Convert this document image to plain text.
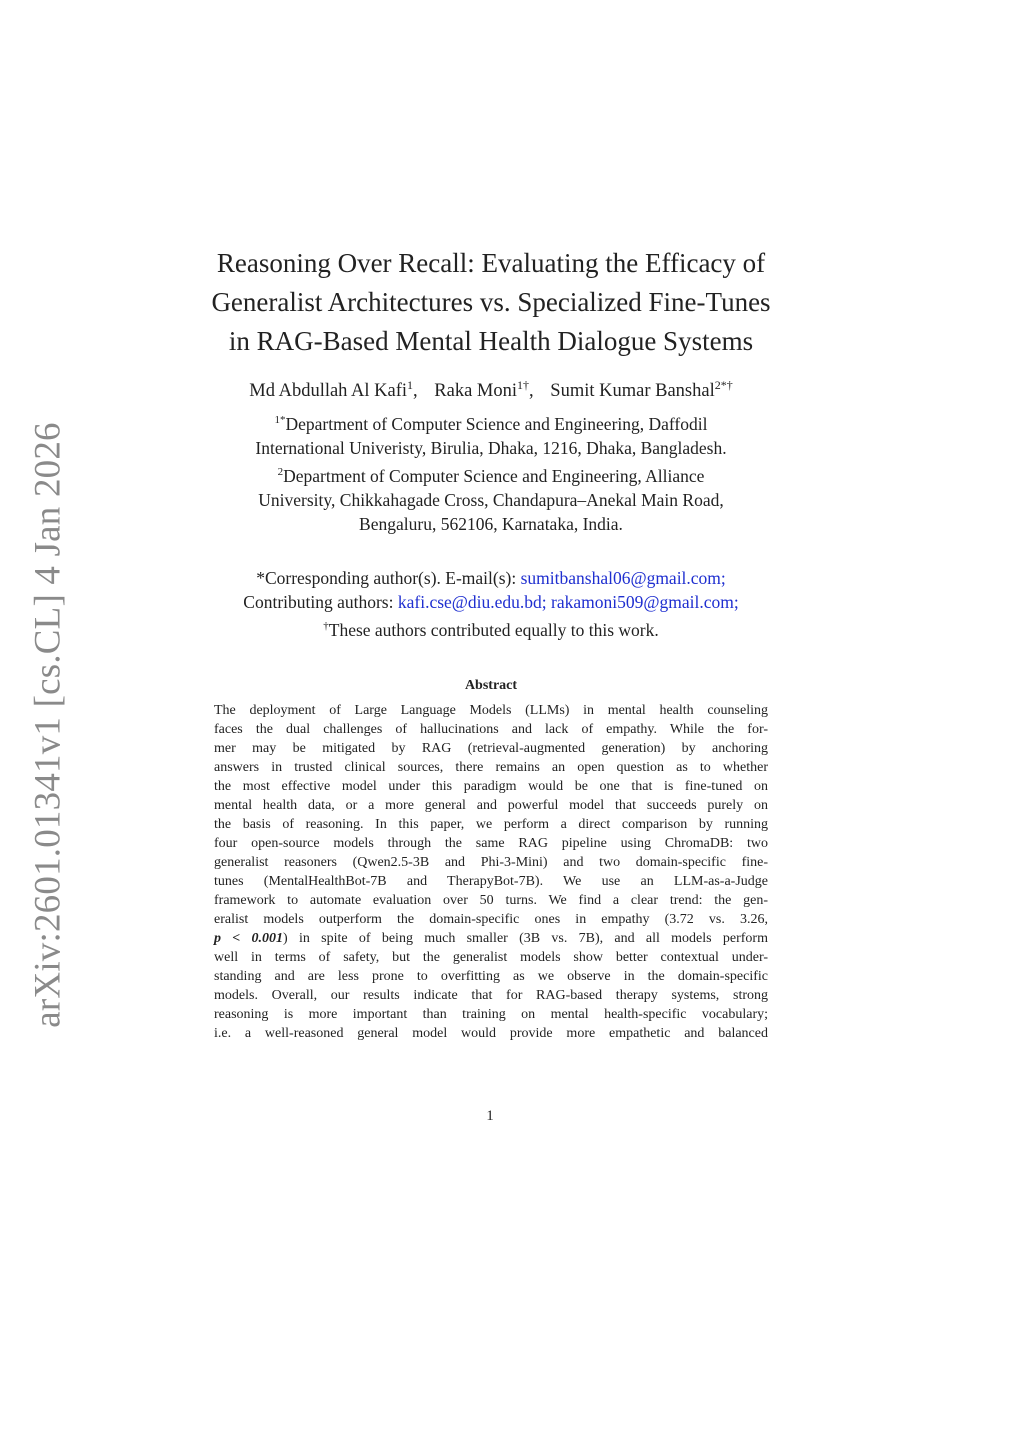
arXiv:2601.01341v1 [cs.CL] 4 Jan 2026
Reasoning Over Recall: Evaluating the Efficacy of
Generalist Architectures vs. Specialized Fine-Tunes
in RAG-Based Mental Health Dialogue Systems
Md Abdullah Al Kafi$^1$, Raka Moni$^{1\dagger}$, Sumit Kumar Banshal$^{2*\dagger}$
$^{1*}$Department of Computer Science and Engineering, Daffodil
International Univeristy, Birulia, Dhaka, 1216, Dhaka, Bangladesh.
$^2$Department of Computer Science and Engineering, Alliance
University, Chikkahagade Cross, Chandapura–Anekal Main Road,
Bengaluru, 562106, Karnataka, India.
*Corresponding author(s). E-mail(s): sumitbanshal06@gmail.com;
Contributing authors: kafi.cse@diu.edu.bd; rakamoni509@gmail.com;
†These authors contributed equally to this work.
Abstract
The deployment of Large Language Models (LLMs) in mental health counseling
faces the dual challenges of hallucinations and lack of empathy. While the for-
mer may be mitigated by RAG (retrieval-augmented generation) by anchoring
answers in trusted clinical sources, there remains an open question as to whether
the most effective model under this paradigm would be one that is fine-tuned on
mental health data, or a more general and powerful model that succeeds purely on
the basis of reasoning. In this paper, we perform a direct comparison by running
four open-source models through the same RAG pipeline using ChromaDB: two
generalist reasoners (Qwen2.5-3B and Phi-3-Mini) and two domain-specific fine-
tunes (MentalHealthBot-7B and TherapyBot-7B). We use an LLM-as-a-Judge
framework to automate evaluation over 50 turns. We find a clear trend: the gen-
eralist models outperform the domain-specific ones in empathy (3.72 vs. 3.26,
p < 0.001) in spite of being much smaller (3B vs. 7B), and all models perform
well in terms of safety, but the generalist models show better contextual under-
standing and are less prone to overfitting as we observe in the domain-specific
models. Overall, our results indicate that for RAG-based therapy systems, strong
reasoning is more important than training on mental health-specific vocabulary;
i.e. a well-reasoned general model would provide more empathetic and balanced
1
